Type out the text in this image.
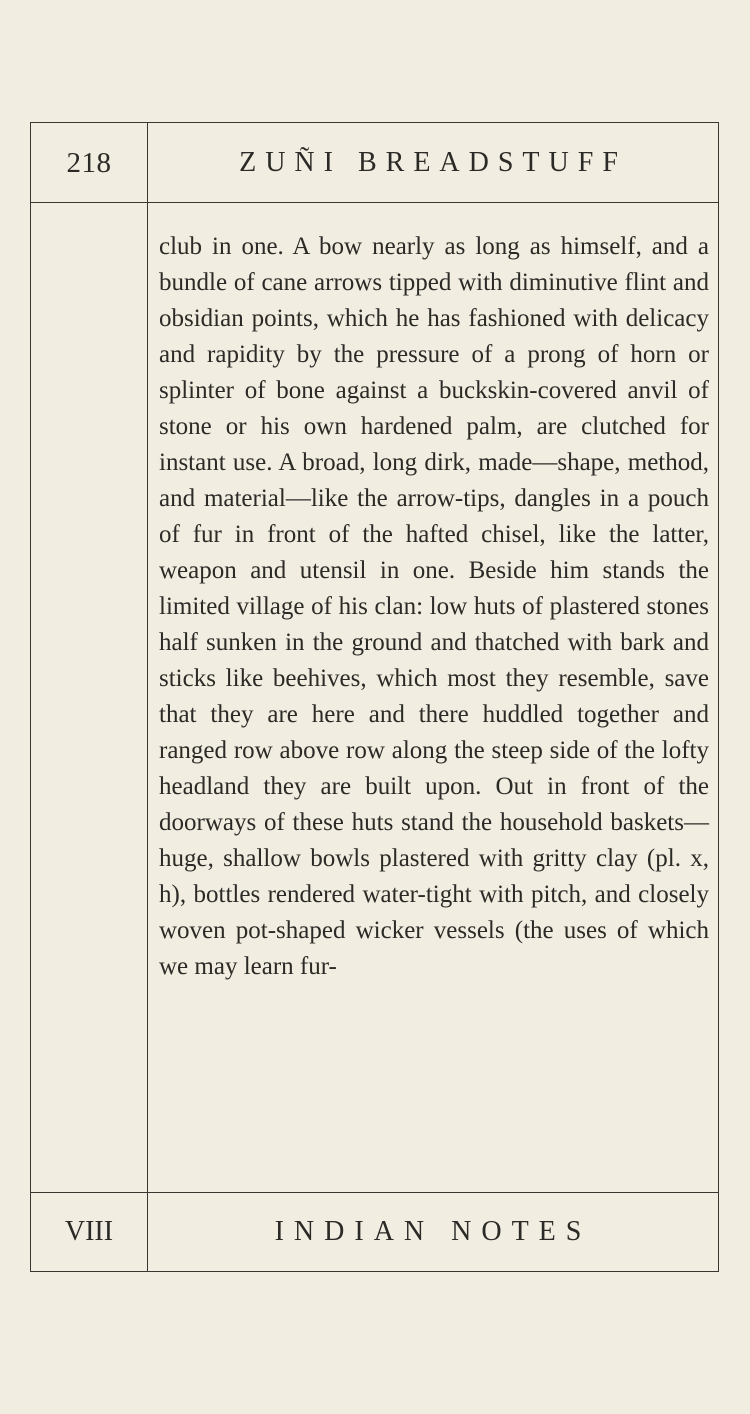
218	ZUÑI BREADSTUFF

club in one. A bow nearly as long as himself, and a bundle of cane arrows tipped with diminutive flint and obsidian points, which he has fashioned with delicacy and rapidity by the pressure of a prong of horn or splinter of bone against a buckskin-covered anvil of stone or his own hardened palm, are clutched for instant use. A broad, long dirk, made—shape, method, and material—like the arrow-tips, dangles in a pouch of fur in front of the hafted chisel, like the latter, weapon and utensil in one. Beside him stands the limited village of his clan: low huts of plastered stones half sunken in the ground and thatched with bark and sticks like beehives, which most they resemble, save that they are here and there huddled together and ranged row above row along the steep side of the lofty headland they are built upon. Out in front of the doorways of these huts stand the household baskets—huge, shallow bowls plastered with gritty clay (pl. x, h), bottles rendered water-tight with pitch, and closely woven pot-shaped wicker vessels (the uses of which we may learn fur-

VIII	INDIAN NOTES
